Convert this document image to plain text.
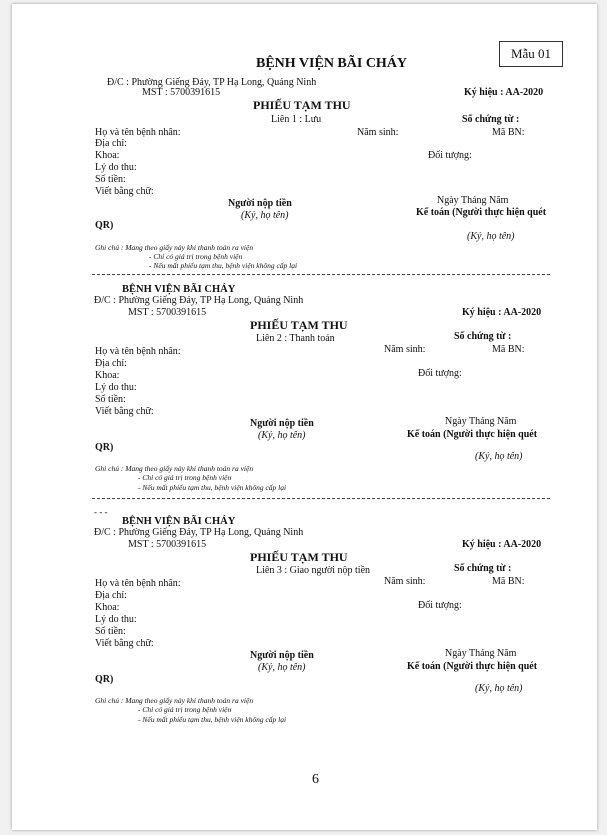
Mẫu 01
- - -
BỆNH VIỆN BÃI CHÁY
Đ/C : Phường Giếng Đáy, TP Hạ Long, Quảng Ninh
MST : 5700391615	Ký hiệu : AA-2020
PHIẾU TẠM THU
Liên 1 : Lưu	Số chứng từ :
Họ và tên bệnh nhân:	Năm sinh:	Mã BN:
Địa chỉ:
Khoa:	Đối tượng:
Lý do thu:
Số tiền:
Viết bằng chữ:
Ngày Tháng Năm
Người nộp tiền
Kế toán (Người thực hiện quét
(Ký, họ tên)
QR)
(Ký, họ tên)
Ghi chú : Mang theo giấy này khi thanh toán ra viện
- Chỉ có giá trị trong bệnh viện
- Nếu mất phiếu tạm thu, bệnh viện không cấp lại
BỆNH VIỆN BÃI CHÁY
Đ/C : Phường Giếng Đáy, TP Hạ Long, Quảng Ninh
MST : 5700391615	Ký hiệu : AA-2020
PHIẾU TẠM THU
Liên 2 : Thanh toán	Số chứng từ :
Họ và tên bệnh nhân:	Năm sinh:	Mã BN:
Địa chỉ:
Khoa:	Đối tượng:
Lý do thu:
Số tiền:
Viết bằng chữ:
Ngày Tháng Năm
Người nộp tiền
Kế toán (Người thực hiện quét
(Ký, họ tên)
QR)
(Ký, họ tên)
Ghi chú : Mang theo giấy này khi thanh toán ra viện
- Chỉ có giá trị trong bệnh viện
- Nếu mất phiếu tạm thu, bệnh viện không cấp lại
BỆNH VIỆN BÃI CHÁY
Đ/C : Phường Giếng Đáy, TP Hạ Long, Quảng Ninh
MST : 5700391615	Ký hiệu : AA-2020
PHIẾU TẠM THU
Liên 3 : Giao người nộp tiền	Số chứng từ :
Họ và tên bệnh nhân:	Năm sinh:	Mã BN:
Địa chỉ:
Khoa:	Đối tượng:
Lý do thu:
Số tiền:
Viết bằng chữ:
Ngày Tháng Năm
Người nộp tiền
Kế toán (Người thực hiện quét
(Ký, họ tên)
QR)
(Ký, họ tên)
Ghi chú : Mang theo giấy này khi thanh toán ra viện
- Chỉ có giá trị trong bệnh viện
- Nếu mất phiếu tạm thu, bệnh viện không cấp lại
6
